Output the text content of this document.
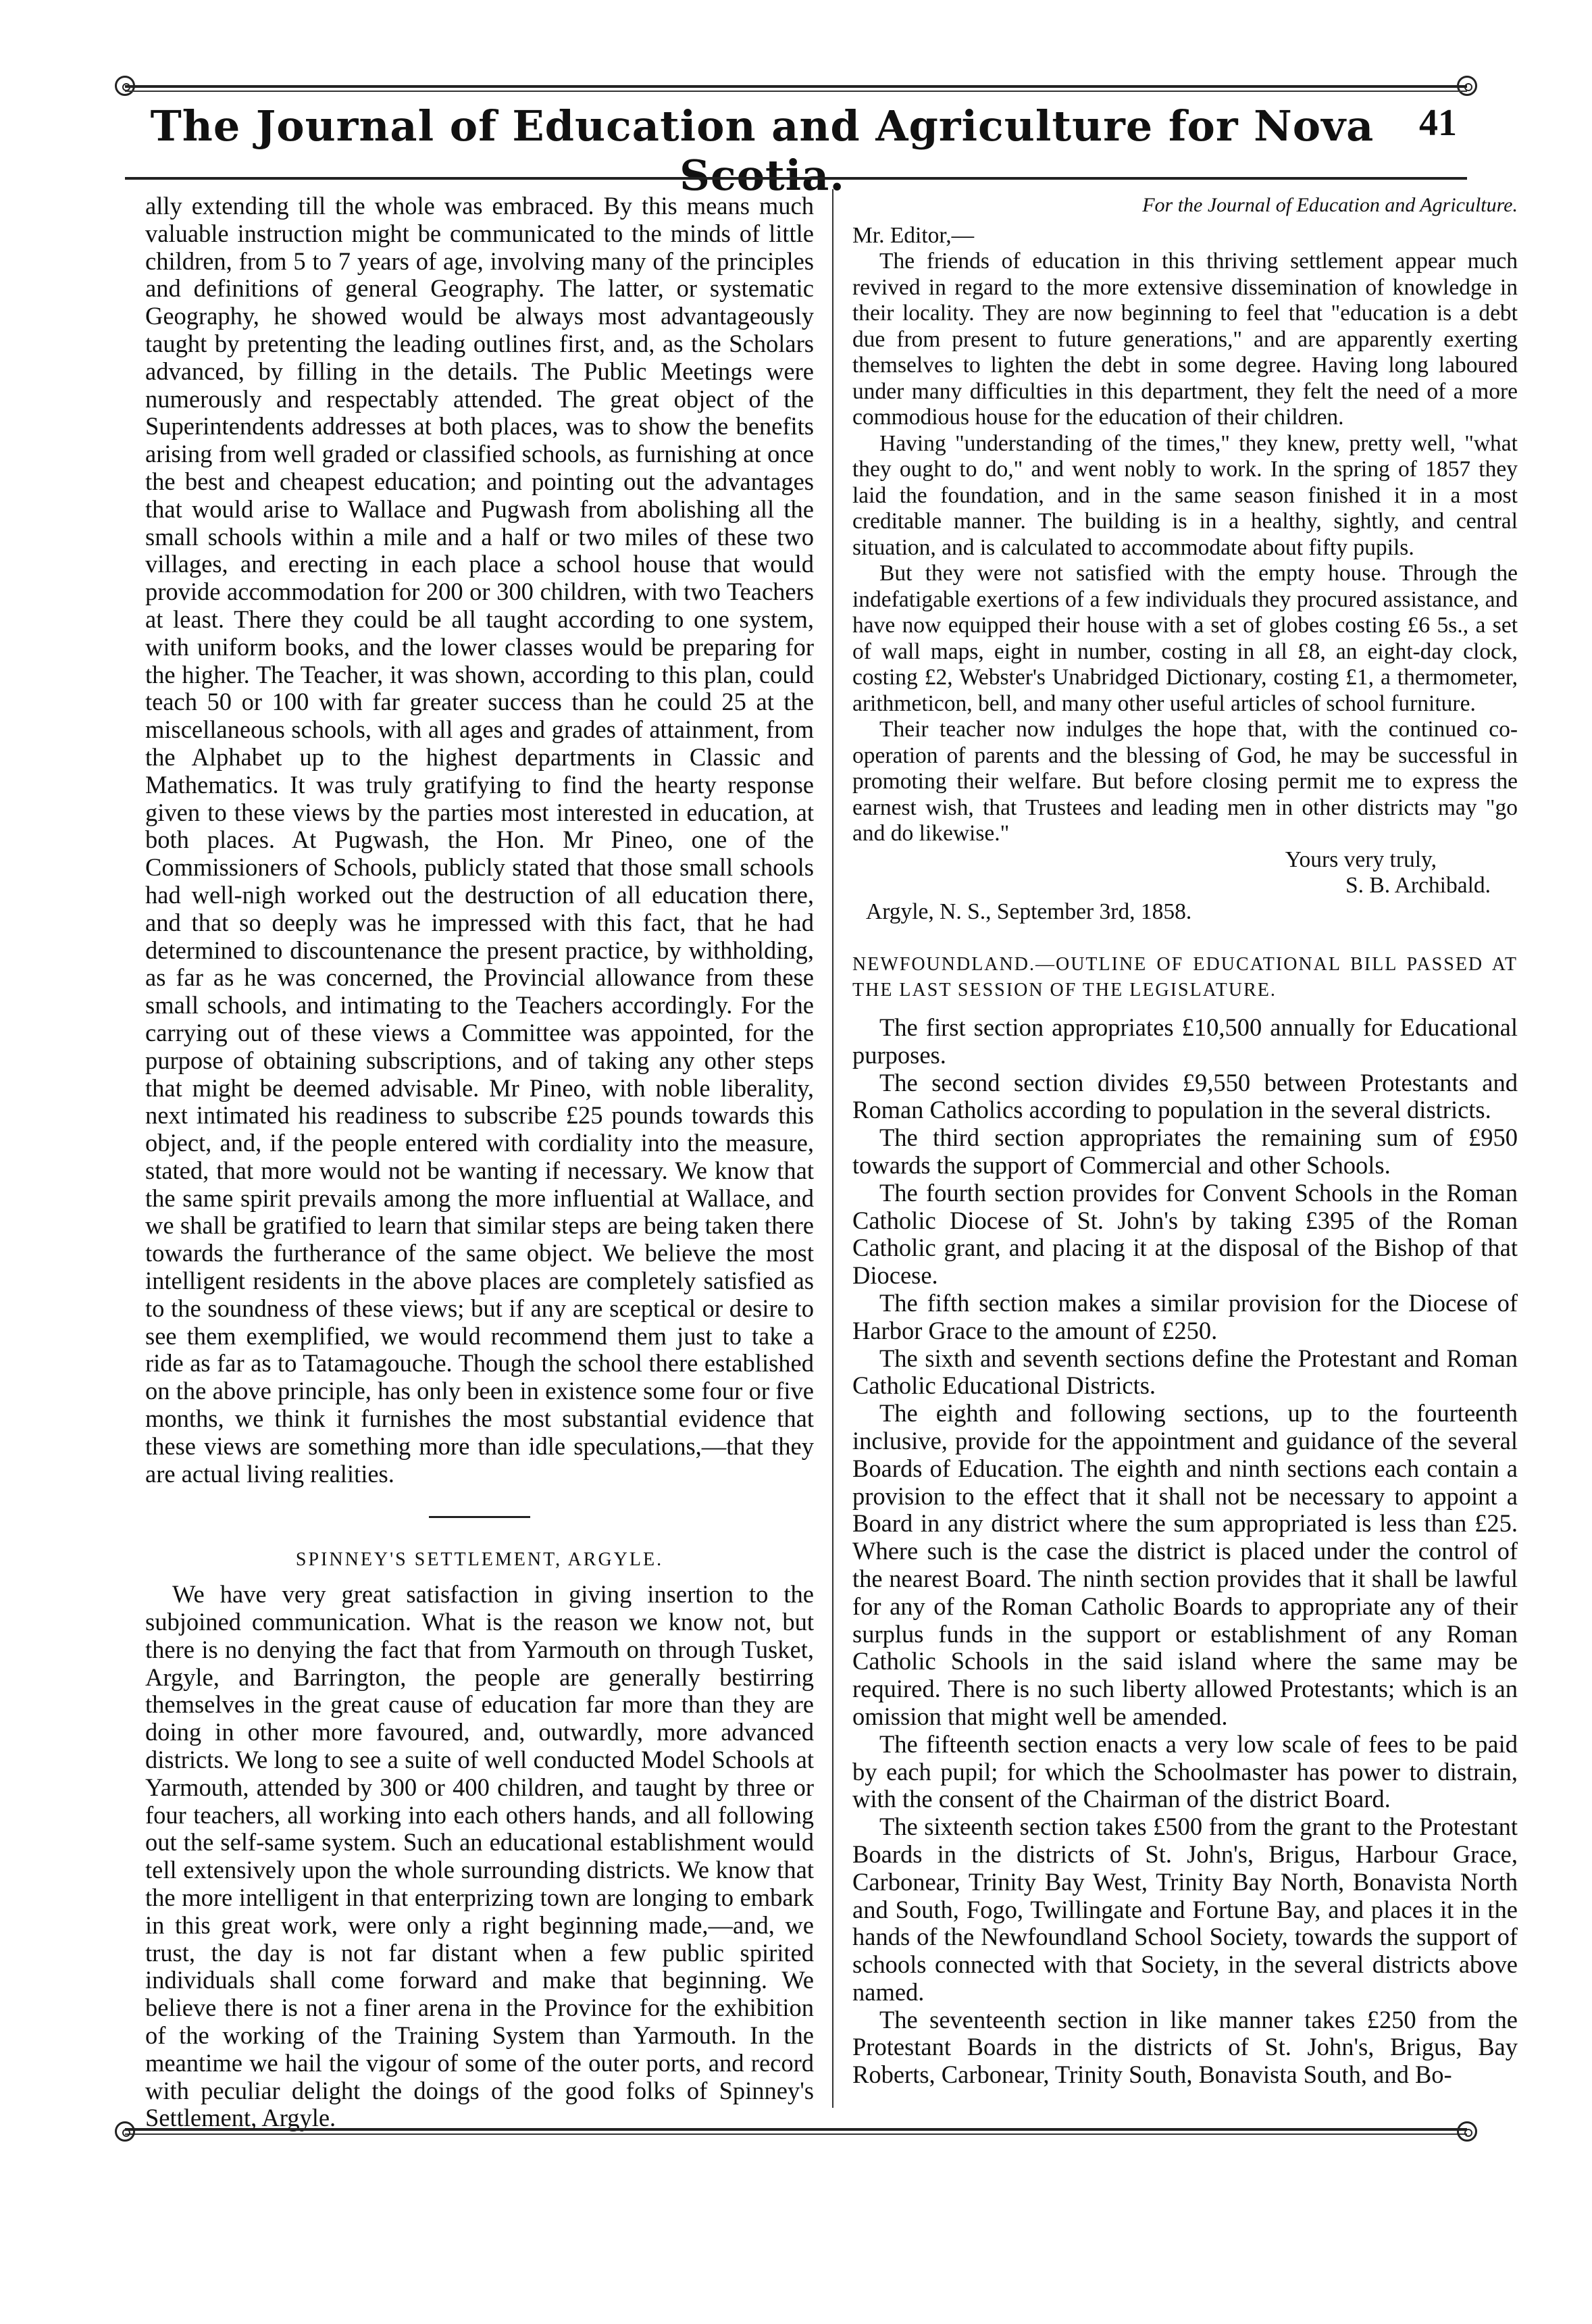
The Journal of Education and Agriculture for Nova Scotia.
41

ally extending till the whole was embraced. By this means much valuable instruction might be communicated to the minds of little children, from 5 to 7 years of age, involving many of the principles and definitions of general Geography. The latter, or systematic Geography, he showed would be always most advantageously taught by pretenting the leading outlines first, and, as the Scholars advanced, by filling in the details. The Public Meetings were numerously and respectably attended. The great object of the Superintendents addresses at both places, was to show the benefits arising from well graded or classified schools, as furnishing at once the best and cheapest education; and pointing out the advantages that would arise to Wallace and Pugwash from abolishing all the small schools within a mile and a half or two miles of these two villages, and erecting in each place a school house that would provide accommodation for 200 or 300 children, with two Teachers at least. There they could be all taught according to one system, with uniform books, and the lower classes would be preparing for the higher. The Teacher, it was shown, according to this plan, could teach 50 or 100 with far greater success than he could 25 at the miscellaneous schools, with all ages and grades of attainment, from the Alphabet up to the highest departments in Classic and Mathematics. It was truly gratifying to find the hearty response given to these views by the parties most interested in education, at both places. At Pugwash, the Hon. Mr Pineo, one of the Commissioners of Schools, publicly stated that those small schools had well-nigh worked out the destruction of all education there, and that so deeply was he impressed with this fact, that he had determined to discountenance the present practice, by withholding, as far as he was concerned, the Provincial allowance from these small schools, and intimating to the Teachers accordingly. For the carrying out of these views a Committee was appointed, for the purpose of obtaining subscriptions, and of taking any other steps that might be deemed advisable. Mr Pineo, with noble liberality, next intimated his readiness to subscribe £25 pounds towards this object, and, if the people entered with cordiality into the measure, stated, that more would not be wanting if necessary. We know that the same spirit prevails among the more influential at Wallace, and we shall be gratified to learn that similar steps are being taken there towards the furtherance of the same object. We believe the most intelligent residents in the above places are completely satisfied as to the soundness of these views; but if any are sceptical or desire to see them exemplified, we would recommend them just to take a ride as far as to Tatamagouche. Though the school there established on the above principle, has only been in existence some four or five months, we think it furnishes the most substantial evidence that these views are something more than idle speculations,—that they are actual living realities.

SPINNEY'S SETTLEMENT, ARGYLE.

We have very great satisfaction in giving insertion to the subjoined communication. What is the reason we know not, but there is no denying the fact that from Yarmouth on through Tusket, Argyle, and Barrington, the people are generally bestirring themselves in the great cause of education far more than they are doing in other more favoured, and, outwardly, more advanced districts. We long to see a suite of well conducted Model Schools at Yarmouth, attended by 300 or 400 children, and taught by three or four teachers, all working into each others hands, and all following out the self-same system. Such an educational establishment would tell extensively upon the whole surrounding districts. We know that the more intelligent in that enterprizing town are longing to embark in this great work, were only a right beginning made,—and, we trust, the day is not far distant when a few public spirited individuals shall come forward and make that beginning. We believe there is not a finer arena in the Province for the exhibition of the working of the Training System than Yarmouth. In the meantime we hail the vigour of some of the outer ports, and record with peculiar delight the doings of the good folks of Spinney's Settlement, Argyle.

For the Journal of Education and Agriculture.

Mr. Editor,—

The friends of education in this thriving settlement appear much revived in regard to the more extensive dissemination of knowledge in their locality. They are now beginning to feel that "education is a debt due from present to future generations," and are apparently exerting themselves to lighten the debt in some degree. Having long laboured under many difficulties in this department, they felt the need of a more commodious house for the education of their children.

Having "understanding of the times," they knew, pretty well, "what they ought to do," and went nobly to work. In the spring of 1857 they laid the foundation, and in the same season finished it in a most creditable manner. The building is in a healthy, sightly, and central situation, and is calculated to accommodate about fifty pupils.

But they were not satisfied with the empty house. Through the indefatigable exertions of a few individuals they procured assistance, and have now equipped their house with a set of globes costing £6 5s., a set of wall maps, eight in number, costing in all £8, an eight-day clock, costing £2, Webster's Unabridged Dictionary, costing £1, a thermometer, arithmeticon, bell, and many other useful articles of school furniture.

Their teacher now indulges the hope that, with the continued co-operation of parents and the blessing of God, he may be successful in promoting their welfare. But before closing permit me to express the earnest wish, that Trustees and leading men in other districts may "go and do likewise."

Yours very truly,
S. B. Archibald.
Argyle, N. S., September 3rd, 1858.
NEWFOUNDLAND.—OUTLINE OF EDUCATIONAL BILL PASSED AT THE LAST SESSION OF THE LEGISLATURE.

The first section appropriates £10,500 annually for Educational purposes.

The second section divides £9,550 between Protestants and Roman Catholics according to population in the several districts.

The third section appropriates the remaining sum of £950 towards the support of Commercial and other Schools.

The fourth section provides for Convent Schools in the Roman Catholic Diocese of St. John's by taking £395 of the Roman Catholic grant, and placing it at the disposal of the Bishop of that Diocese.

The fifth section makes a similar provision for the Diocese of Harbor Grace to the amount of £250.

The sixth and seventh sections define the Protestant and Roman Catholic Educational Districts.

The eighth and following sections, up to the fourteenth inclusive, provide for the appointment and guidance of the several Boards of Education. The eighth and ninth sections each contain a provision to the effect that it shall not be necessary to appoint a Board in any district where the sum appropriated is less than £25. Where such is the case the district is placed under the control of the nearest Board. The ninth section provides that it shall be lawful for any of the Roman Catholic Boards to appropriate any of their surplus funds in the support or establishment of any Roman Catholic Schools in the said island where the same may be required. There is no such liberty allowed Protestants; which is an omission that might well be amended.

The fifteenth section enacts a very low scale of fees to be paid by each pupil; for which the Schoolmaster has power to distrain, with the consent of the Chairman of the district Board.

The sixteenth section takes £500 from the grant to the Protestant Boards in the districts of St. John's, Brigus, Harbour Grace, Carbonear, Trinity Bay West, Trinity Bay North, Bonavista North and South, Fogo, Twillingate and Fortune Bay, and places it in the hands of the Newfoundland School Society, towards the support of schools connected with that Society, in the several districts above named.

The seventeenth section in like manner takes £250 from the Protestant Boards in the districts of St. John's, Brigus, Bay Roberts, Carbonear, Trinity South, Bonavista South, and Bo-
